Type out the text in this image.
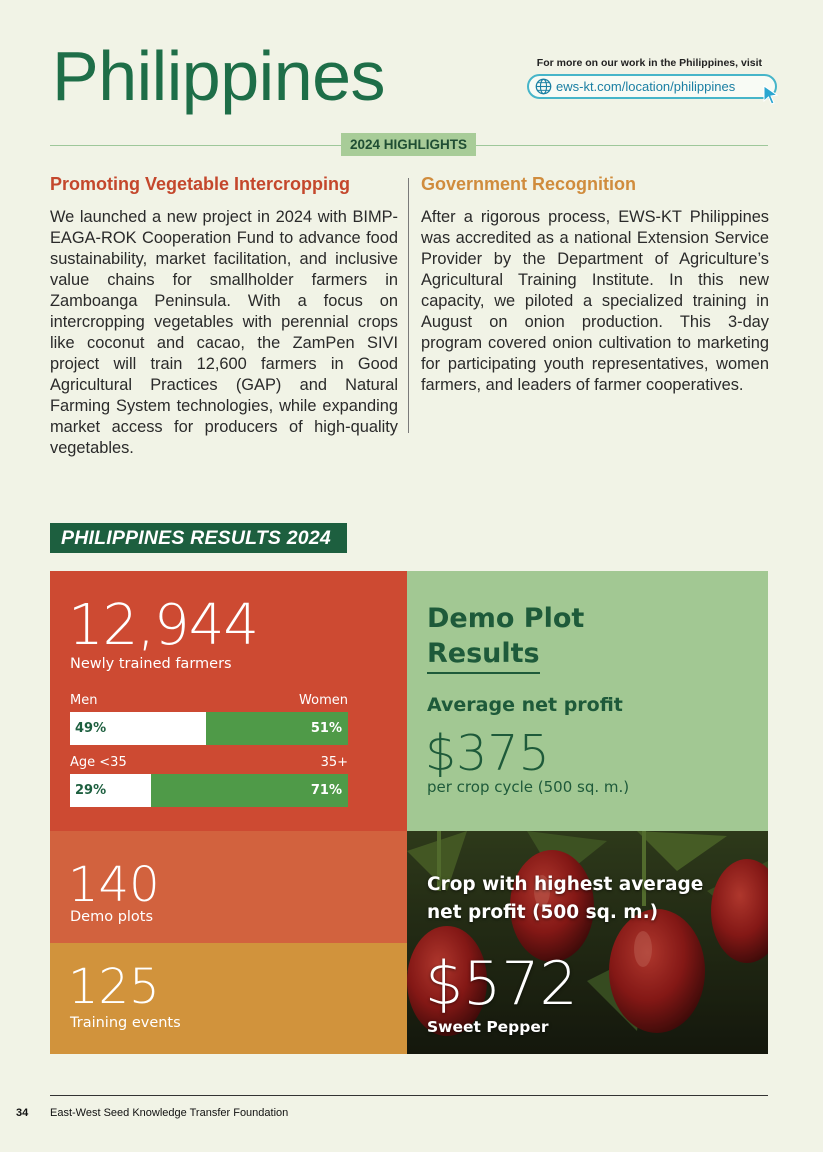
Philippines	For more on our work in the Philippines, visit
ews-kt.com/location/philippines
2024 HIGHLIGHTS
Promoting Vegetable Intercropping

We launched a new project in 2024 with BIMP-EAGA-ROK Cooperation Fund to advance food sustainability, market facilitation, and inclusive value chains for smallholder farmers in Zamboanga Peninsula. With a focus on intercropping vegetables with perennial crops like coconut and cacao, the ZamPen SIVI project will train 12,600 farmers in Good Agricultural Practices (GAP) and Natural Farming System technologies, while expanding market access for producers of high-quality vegetables.

Government Recognition

After a rigorous process, EWS-KT Philippines was accredited as a national Extension Service Provider by the Department of Agriculture’s Agricultural Training Institute. In this new capacity, we piloted a specialized training in August on onion production. This 3-day program covered onion cultivation to marketing for participating youth representatives, women farmers, and leaders of farmer cooperatives.

PHILIPPINES RESULTS 2024
12,944
Newly trained farmers
Men	Women
49%	51%
Age <35	35+
29%	71%
140
Demo plots
125
Training events
Demo Plot
Results
Average net profit
$375
per crop cycle (500 sq. m.)
Crop with highest average
net profit (500 sq. m.)
$572
Sweet Pepper
34 East-West Seed Knowledge Transfer Foundation
